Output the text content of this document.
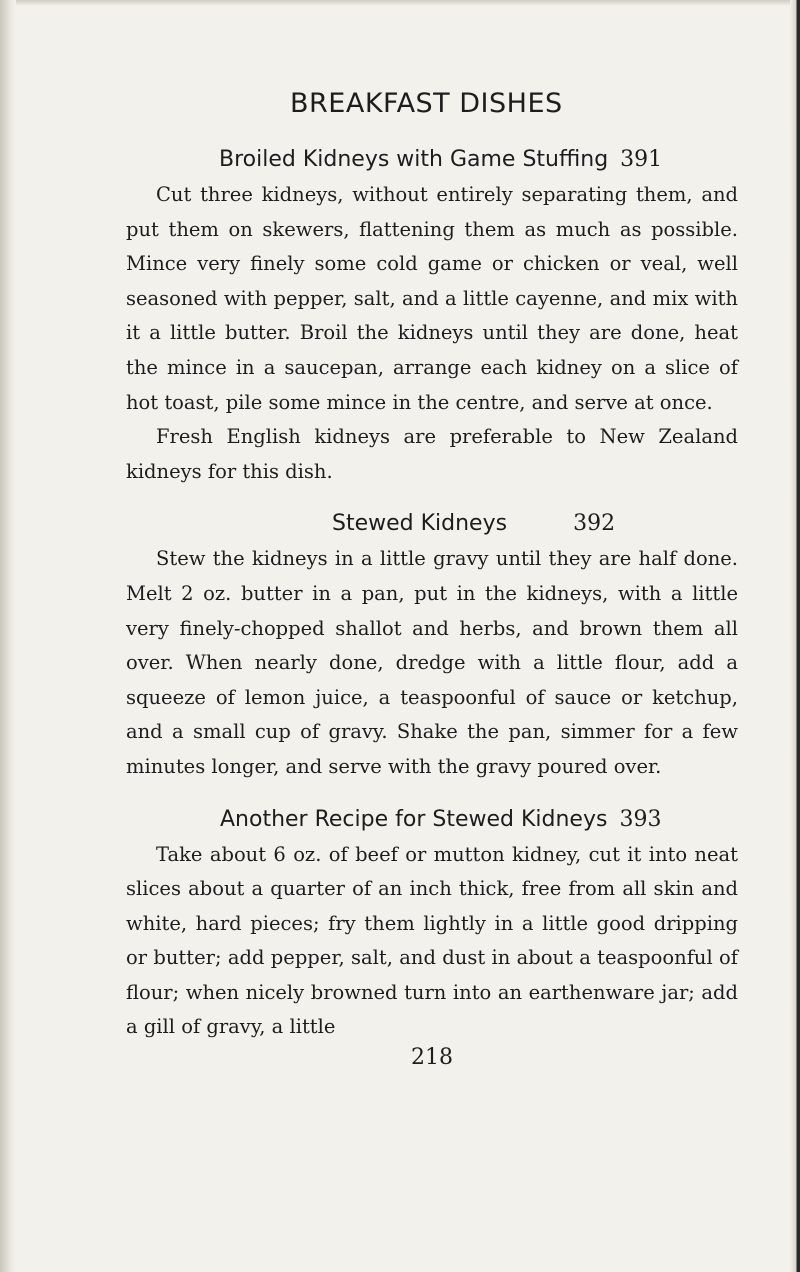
BREAKFAST DISHES
Broiled Kidneys with Game Stuffing 391

Cut three kidneys, without entirely separating them, and put them on skewers, flattening them as much as possible. Mince very finely some cold game or chicken or veal, well seasoned with pepper, salt, and a little cayenne, and mix with it a little butter. Broil the kidneys until they are done, heat the mince in a saucepan, arrange each kidney on a slice of hot toast, pile some mince in the centre, and serve at once.

Fresh English kidneys are preferable to New Zealand kidneys for this dish.

Stewed Kidneys	392

Stew the kidneys in a little gravy until they are half done. Melt 2 oz. butter in a pan, put in the kidneys, with a little very finely-chopped shallot and herbs, and brown them all over. When nearly done, dredge with a little flour, add a squeeze of lemon juice, a teaspoonful of sauce or ketchup, and a small cup of gravy. Shake the pan, simmer for a few minutes longer, and serve with the gravy poured over.

Another Recipe for Stewed Kidneys 393

Take about 6 oz. of beef or mutton kidney, cut it into neat slices about a quarter of an inch thick, free from all skin and white, hard pieces; fry them lightly in a little good dripping or butter; add pepper, salt, and dust in about a teaspoonful of flour; when nicely browned turn into an earthenware jar; add a gill of gravy, a little

218
